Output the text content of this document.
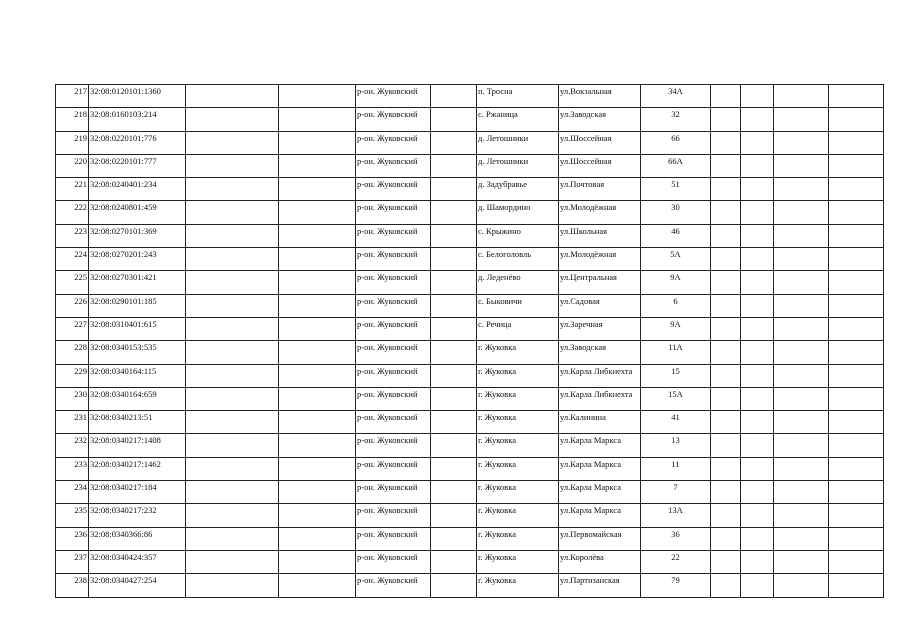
217	32:08:0120101:1360			р-он. Жуковский		п. Тросна	ул.Вокзальная	34А				
218	32:08:0160103:214			р-он. Жуковский		с. Ржаница	ул.Заводская	32				
219	32:08:0220101:776			р-он. Жуковский		д. Летошники	ул.Шоссейная	66				
220	32:08:0220101:777			р-он. Жуковский		д. Летошники	ул.Шоссейная	66А				
221	32:08:0240401:234			р-он. Жуковский		д. Задубравье	ул.Почтовая	51				
222	32:08:0240801:459			р-он. Жуковский		д. Шамордино	ул.Молодёжная	30				
223	32:08:0270101:369			р-он. Жуковский		с. Крыжино	ул.Школьная	46				
224	32:08:0270201:243			р-он. Жуковский		с. Белоголовль	ул.Молодёжная	5А				
225	32:08:0270301:421			р-он. Жуковский		д. Леденёво	ул.Центральная	9А				
226	32:08:0290101:185			р-он. Жуковский		с. Быковичи	ул.Садовая	6				
227	32:08:0310401:615			р-он. Жуковский		с. Речица	ул.Заречная	9А				
228	32:08:0340153:535			р-он. Жуковский		г. Жуковка	ул.Заводская	11А				
229	32:08:0340164:115			р-он. Жуковский		г. Жуковка	ул.Карла Либкнехта	15				
230	32:08:0340164:659			р-он. Жуковский		г. Жуковка	ул.Карла Либкнехта	15А				
231	32:08:0340213:51			р-он. Жуковский		г. Жуковка	ул.Калинина	41				
232	32:08:0340217:1408			р-он. Жуковский		г. Жуковка	ул.Карла Маркса	13				
233	32:08:0340217:1462			р-он. Жуковский		г. Жуковка	ул.Карла Маркса	11				
234	32:08:0340217:184			р-он. Жуковский		г. Жуковка	ул.Карла Маркса	7				
235	32:08:0340217:232			р-он. Жуковский		г. Жуковка	ул.Карла Маркса	13А				
236	32:08:0340366:86			р-он. Жуковский		г. Жуковка	ул.Первомайская	36				
237	32:08:0340424:357			р-он. Жуковский		г. Жуковка	ул.Королёва	22				
238	32:08:0340427:254			р-он. Жуковский		г. Жуковка	ул.Партизанская	79				
